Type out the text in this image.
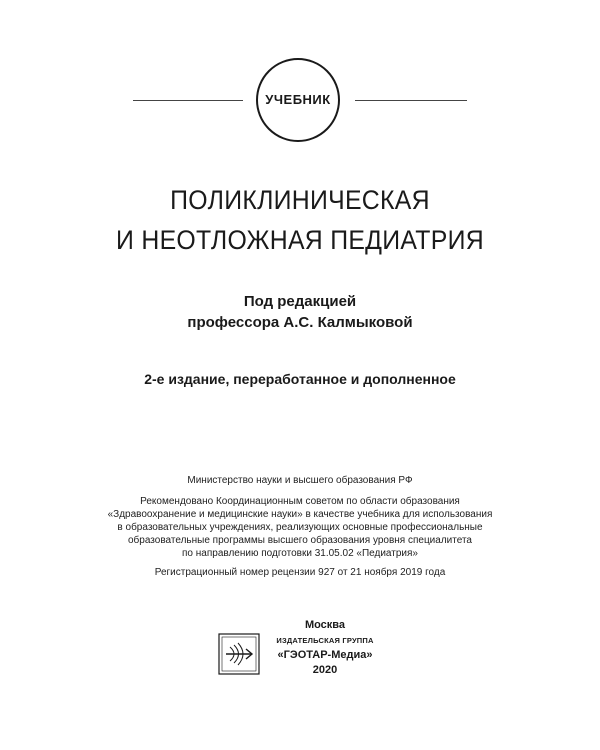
УЧЕБНИК
ПОЛИКЛИНИЧЕСКАЯ
И НЕОТЛОЖНАЯ ПЕДИАТРИЯ
Под редакцией
профессора А.С. Калмыковой
2-е издание, переработанное и дополненное
Министерство науки и высшего образования РФ
Рекомендовано Координационным советом по области образования
«Здравоохранение и медицинские науки» в качестве учебника для использования
в образовательных учреждениях, реализующих основные профессиональные
образовательные программы высшего образования уровня специалитета
по направлению подготовки 31.05.02 «Педиатрия»
Регистрационный номер рецензии 927 от 21 ноября 2019 года
Москва
ИЗДАТЕЛЬСКАЯ ГРУППА
«ГЭОТАР-Медиа»
2020
